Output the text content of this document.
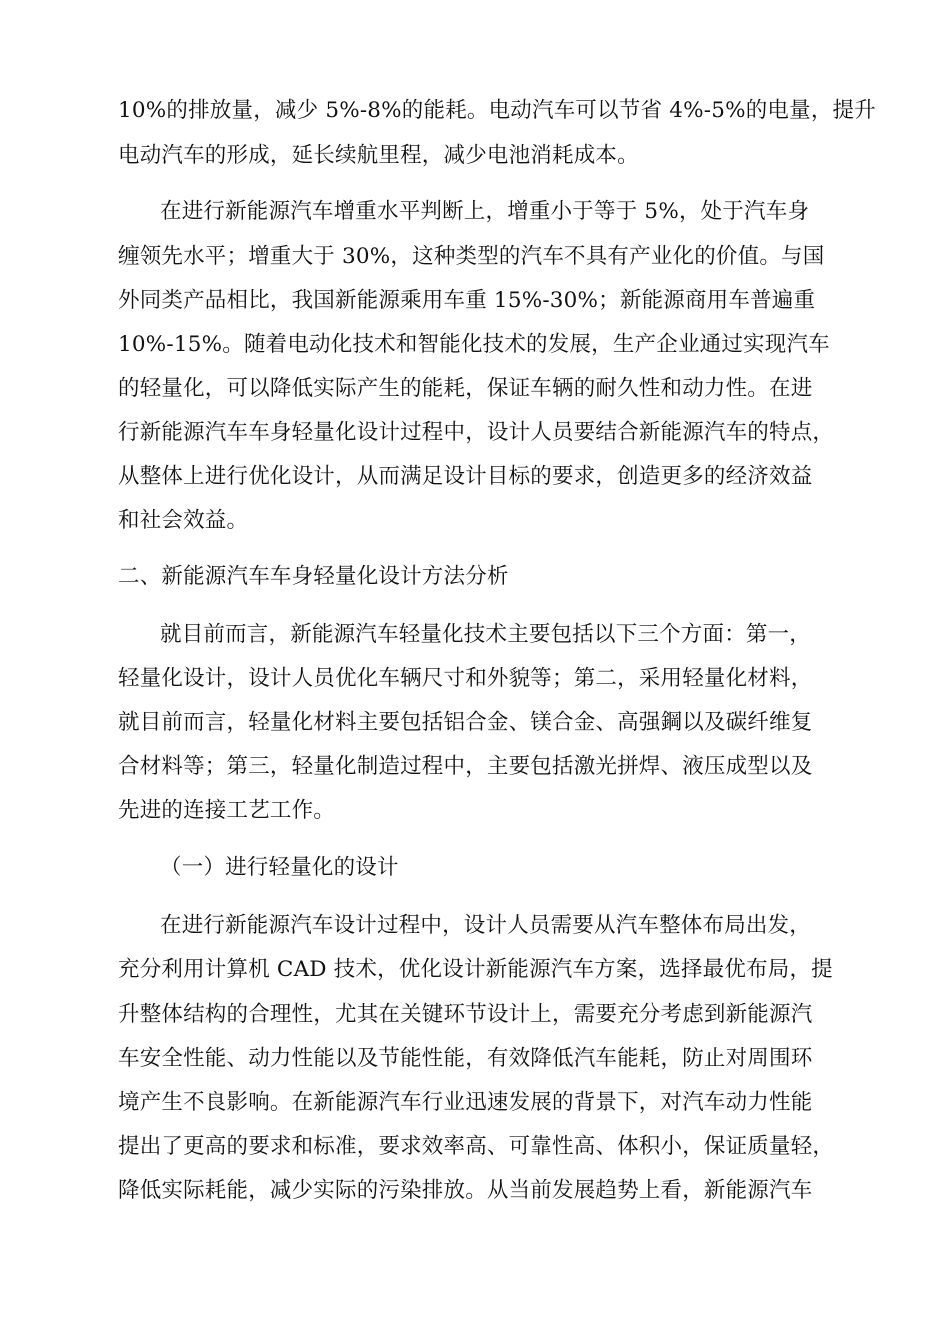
10%的排放量，减少 5%-8%的能耗。电动汽车可以节省 4%-5%的电量，提升
电动汽车的形成，延长续航里程，减少电池消耗成本。
在进行新能源汽车增重水平判断上，增重小于等于 5%，处于汽车身
缠领先水平；增重大于 30%，这种类型的汽车不具有产业化的价值。与国
外同类产品相比，我国新能源乘用车重 15%-30%；新能源商用车普遍重
10%-15%。随着电动化技术和智能化技术的发展，生产企业通过实现汽车
的轻量化，可以降低实际产生的能耗，保证车辆的耐久性和动力性。在进
行新能源汽车车身轻量化设计过程中，设计人员要结合新能源汽车的特点，
从整体上进行优化设计，从而满足设计目标的要求，创造更多的经济效益
和社会效益。
二、新能源汽车车身轻量化设计方法分析
就目前而言，新能源汽车轻量化技术主要包括以下三个方面：第一，
轻量化设计，设计人员优化车辆尺寸和外貌等；第二，采用轻量化材料，
就目前而言，轻量化材料主要包括铝合金、镁合金、高强鋼以及碳纤维复
合材料等；第三，轻量化制造过程中，主要包括激光拼焊、液压成型以及
先进的连接工艺工作。
（一）进行轻量化的设计
在进行新能源汽车设计过程中，设计人员需要从汽车整体布局出发，
充分利用计算机 CAD 技术，优化设计新能源汽车方案，选择最优布局，提
升整体结构的合理性，尤其在关键环节设计上，需要充分考虑到新能源汽
车安全性能、动力性能以及节能性能，有效降低汽车能耗，防止对周围环
境产生不良影响。在新能源汽车行业迅速发展的背景下，对汽车动力性能
提出了更高的要求和标准，要求效率高、可靠性高、体积小，保证质量轻，
降低实际耗能，减少实际的污染排放。从当前发展趋势上看，新能源汽车
